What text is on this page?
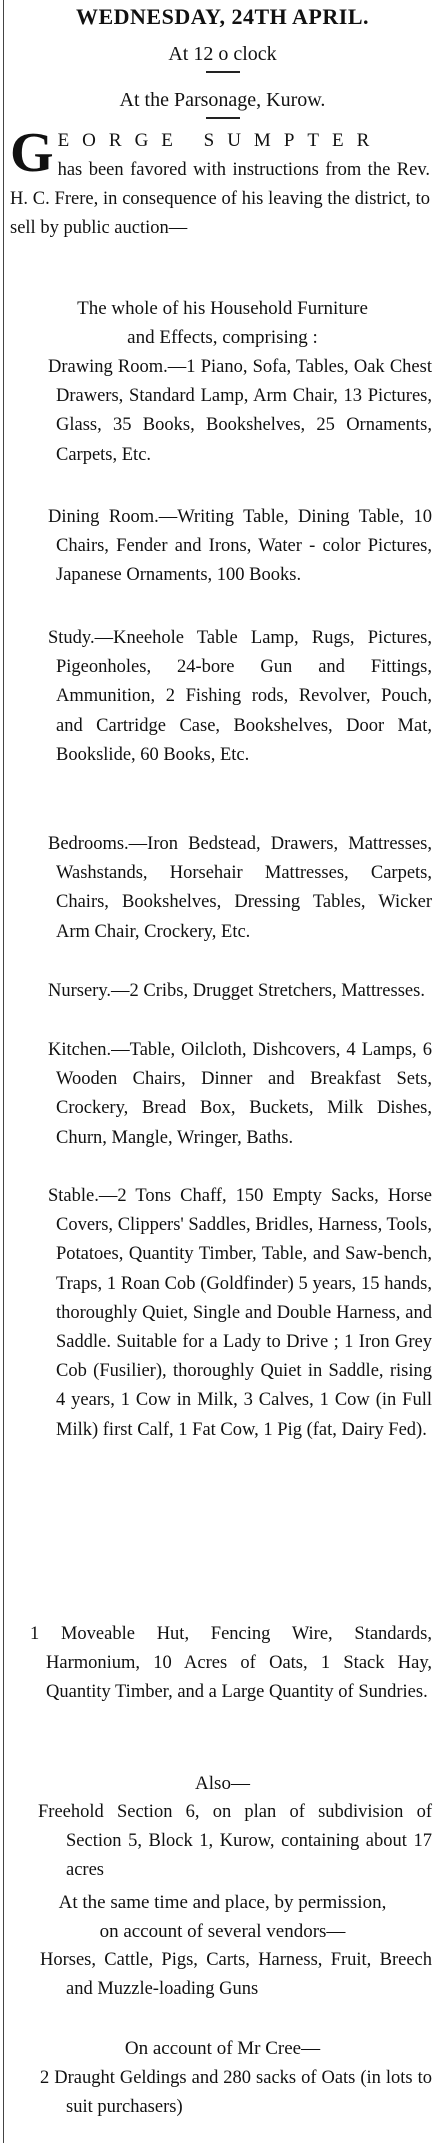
WEDNESDAY, 24TH APRIL.
At 12 o clock
At the Parsonage, Kurow.
G EORGE SUMPTER
has been favored with instructions from the Rev. H. C. Frere, in consequence of his leaving the district, to sell by public auction—
The whole of his Household Furniture
and Effects, comprising :
Drawing Room.—1 Piano, Sofa, Tables, Oak Chest Drawers, Standard Lamp, Arm Chair, 13 Pictures, Glass, 35 Books, Bookshelves, 25 Ornaments, Carpets, Etc.
Dining Room.—Writing Table, Dining Table, 10 Chairs, Fender and Irons, Water - color Pictures, Japanese Ornaments, 100 Books.
Study.—Kneehole Table Lamp, Rugs, Pictures, Pigeonholes, 24-bore Gun and Fittings, Ammunition, 2 Fishing rods, Revolver, Pouch, and Cartridge Case, Bookshelves, Door Mat, Bookslide, 60 Books, Etc.
Bedrooms.—Iron Bedstead, Drawers, Mattresses, Washstands, Horsehair Mattresses, Carpets, Chairs, Bookshelves, Dressing Tables, Wicker Arm Chair, Crockery, Etc.
Nursery.—2 Cribs, Drugget Stretchers, Mattresses.
Kitchen.—Table, Oilcloth, Dishcovers, 4 Lamps, 6 Wooden Chairs, Dinner and Breakfast Sets, Crockery, Bread Box, Buckets, Milk Dishes, Churn, Mangle, Wringer, Baths.
Stable.—2 Tons Chaff, 150 Empty Sacks, Horse Covers, Clippers' Saddles, Bridles, Harness, Tools, Potatoes, Quantity Timber, Table, and Saw-bench, Traps, 1 Roan Cob (Goldfinder) 5 years, 15 hands, thoroughly Quiet, Single and Double Harness, and Saddle. Suitable for a Lady to Drive ; 1 Iron Grey Cob (Fusilier), thoroughly Quiet in Saddle, rising 4 years, 1 Cow in Milk, 3 Calves, 1 Cow (in Full Milk) first Calf, 1 Fat Cow, 1 Pig (fat, Dairy Fed).
1 Moveable Hut, Fencing Wire, Standards, Harmonium, 10 Acres of Oats, 1 Stack Hay, Quantity Timber, and a Large Quantity of Sundries.
Also—
Freehold Section 6, on plan of subdivision of Section 5, Block 1, Kurow, containing about 17 acres
At the same time and place, by permission,
on account of several vendors—
Horses, Cattle, Pigs, Carts, Harness, Fruit, Breech and Muzzle-loading Guns
On account of Mr Cree—
2 Draught Geldings and 280 sacks of Oats (in lots to suit purchasers)
